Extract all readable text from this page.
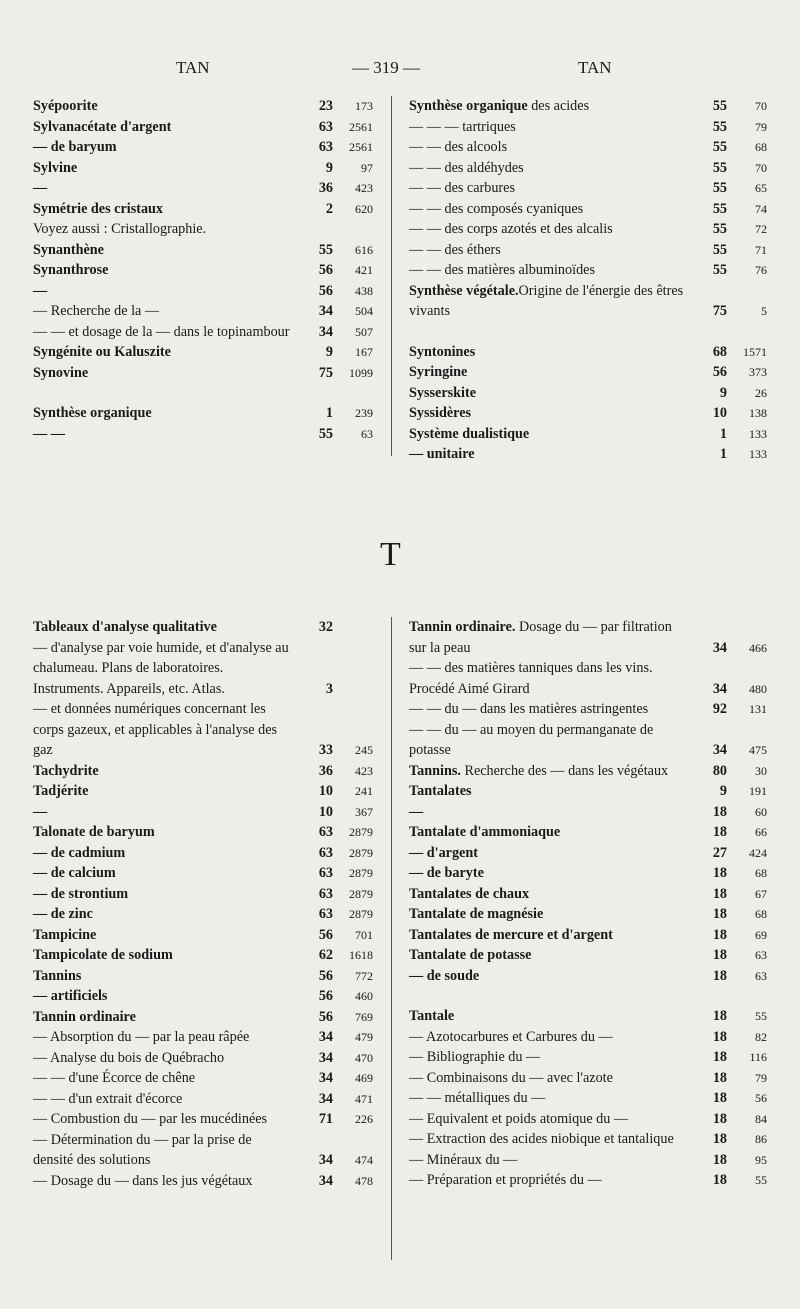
TAN	— 319 —	TAN
Syépoorite	23	173
Sylvanacétate d'argent	63	2561
— de baryum	63	2561
Sylvine	9	97
—	36	423
Symétrie des cristaux	2	620
Voyez aussi : Cristallographie.
Synanthène	55	616
Synanthrose	56	421
—	56	438
— Recherche de la —	34	504
— — et dosage de la — dans le topinambour	34	507
Syngénite ou Kaluszite	9	167
Synovine	75	1099
Synthèse organique	1	239
— —	55	63
Synthèse organique des acides	55	70
— — — tartriques	55	79
— — des alcools	55	68
— — des aldéhydes	55	70
— — des carbures	55	65
— — des composés cyaniques	55	74
— — des corps azotés et des alcalis	55	72
— — des éthers	55	71
— — des matières albuminoïdes	55	76
Synthèse végétale.Origine de l'énergie des êtres vivants	75	5
Syntonines	68	1571
Syringine	56	373
Sysserskite	9	26
Syssidères	10	138
Système dualistique	1	133
— unitaire	1	133
T
Tableaux d'analyse qualitative	32
— d'analyse par voie humide, et d'analyse au chalumeau. Plans de laboratoires. Instruments. Appareils, etc. Atlas.	3
— et données numériques concernant les corps gazeux, et applicables à l'analyse des gaz	33	245
Tachydrite	36	423
Tadjérite	10	241
—	10	367
Talonate de baryum	63	2879
— de cadmium	63	2879
— de calcium	63	2879
— de strontium	63	2879
— de zinc	63	2879
Tampicine	56	701
Tampicolate de sodium	62	1618
Tannins	56	772
— artificiels	56	460
Tannin ordinaire	56	769
— Absorption du — par la peau râpée	34	479
— Analyse du bois de Québracho	34	470
— — d'une Écorce de chêne	34	469
— — d'un extrait d'écorce	34	471
— Combustion du — par les mucédinées	71	226
— Détermination du — par la prise de densité des solutions	34	474
— Dosage du — dans les jus végétaux	34	478
Tannin ordinaire. Dosage du — par filtration sur la peau	34	466
— — des matières tanniques dans les vins. Procédé Aimé Girard	34	480
— — du — dans les matières astringentes	92	131
— — du — au moyen du permanganate de potasse	34	475
Tannins. Recherche des — dans les végétaux	80	30
Tantalates	9	191
—	18	60
Tantalate d'ammoniaque	18	66
— d'argent	27	424
— de baryte	18	68
Tantalates de chaux	18	67
Tantalate de magnésie	18	68
Tantalates de mercure et d'argent	18	69
Tantalate de potasse	18	63
— de soude	18	63
Tantale	18	55
— Azotocarbures et Carbures du —	18	82
— Bibliographie du —	18	116
— Combinaisons du — avec l'azote	18	79
— — métalliques du —	18	56
— Equivalent et poids atomique du —	18	84
— Extraction des acides niobique et tantalique	18	86
— Minéraux du —	18	95
— Préparation et propriétés du —	18	55
